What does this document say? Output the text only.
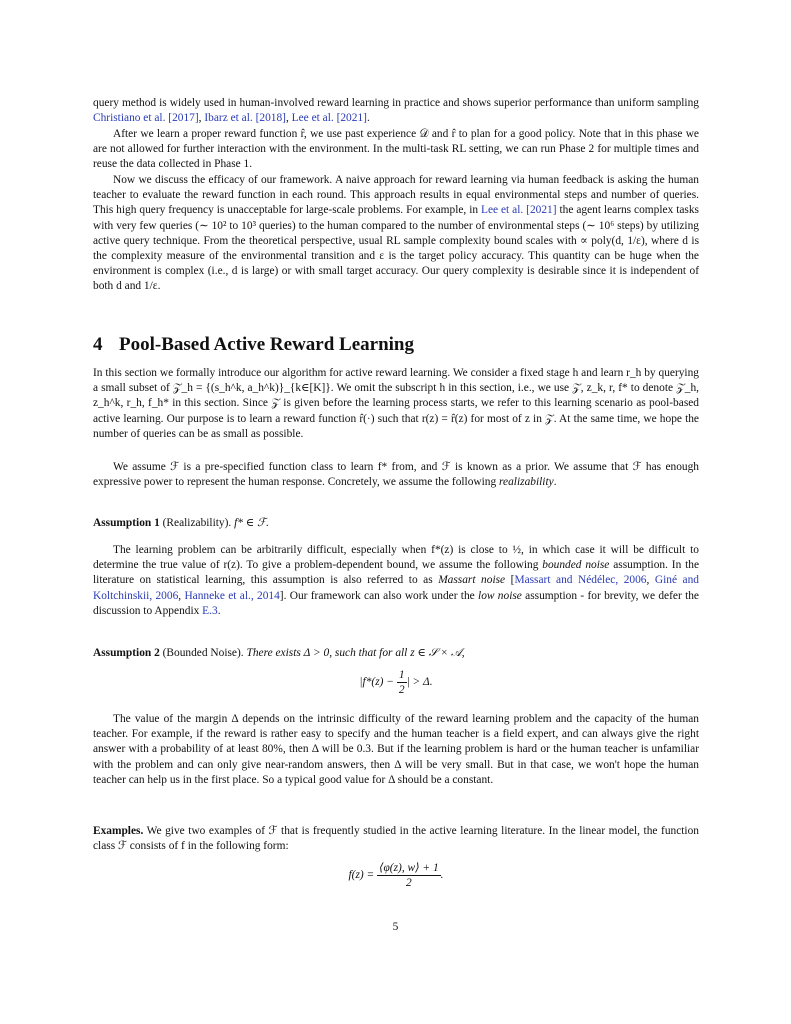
query method is widely used in human-involved reward learning in practice and shows superior performance than uniform sampling Christiano et al. [2017], Ibarz et al. [2018], Lee et al. [2021].

After we learn a proper reward function r̂, we use past experience 𝒟 and r̂ to plan for a good policy. Note that in this phase we are not allowed for further interaction with the environment. In the multi-task RL setting, we can run Phase 2 for multiple times and reuse the data collected in Phase 1.

Now we discuss the efficacy of our framework. A naive approach for reward learning via human feedback is asking the human teacher to evaluate the reward function in each round. This approach results in equal environmental steps and number of queries. This high query frequency is unacceptable for large-scale problems. For example, in Lee et al. [2021] the agent learns complex tasks with very few queries (∼ 10² to 10³ queries) to the human compared to the number of environmental steps (∼ 10⁶ steps) by utilizing active query technique. From the theoretical perspective, usual RL sample complexity bound scales with ∝ poly(d, 1/ε), where d is the complexity measure of the environmental transition and ε is the target policy accuracy. This quantity can be huge when the environment is complex (i.e., d is large) or with small target accuracy. Our query complexity is desirable since it is independent of both d and 1/ε.

4 Pool-Based Active Reward Learning

In this section we formally introduce our algorithm for active reward learning. We consider a fixed stage h and learn r_h by querying a small subset of 𝒵_h = {(s_h^k, a_h^k)}_{k∈[K]}. We omit the subscript h in this section, i.e., we use 𝒵, z_k, r, f* to denote 𝒵_h, z_h^k, r_h, f_h* in this section. Since 𝒵 is given before the learning process starts, we refer to this learning scenario as pool-based active learning. Our purpose is to learn a reward function r̂(·) such that r(z) = r̂(z) for most of z in 𝒵. At the same time, we hope the number of queries can be as small as possible.

We assume ℱ is a pre-specified function class to learn f* from, and ℱ is known as a prior. We assume that ℱ has enough expressive power to represent the human response. Concretely, we assume the following realizability.

Assumption 1 (Realizability). f* ∈ ℱ.

The learning problem can be arbitrarily difficult, especially when f*(z) is close to ½, in which case it will be difficult to determine the true value of r(z). To give a problem-dependent bound, we assume the following bounded noise assumption. In the literature on statistical learning, this assumption is also referred to as Massart noise [Massart and Nédélec, 2006, Giné and Koltchinskii, 2006, Hanneke et al., 2014]. Our framework can also work under the low noise assumption - for brevity, we defer the discussion to Appendix E.3.

Assumption 2 (Bounded Noise). There exists Δ > 0, such that for all z ∈ 𝒮 × 𝒜,

$|f*(z) - \frac{1}{2}$ | > Δ.

The value of the margin Δ depends on the intrinsic difficulty of the reward learning problem and the capacity of the human teacher. For example, if the reward is rather easy to specify and the human teacher is a field expert, and can always give the right answer with a probability of at least 80%, then Δ will be 0.3. But if the learning problem is hard or the human teacher is unfamiliar with the problem and can only give near-random answers, then Δ will be very small. But in that case, we won't hope the human teacher can help us in the first place. So a typical good value for Δ should be a constant.

Examples. We give two examples of ℱ that is frequently studied in the active learning literature. In the linear model, the function class ℱ consists of f in the following form:

$f(z) = \frac{⟨\varphi(z), w⟩ + 1}{2}$ .
5
